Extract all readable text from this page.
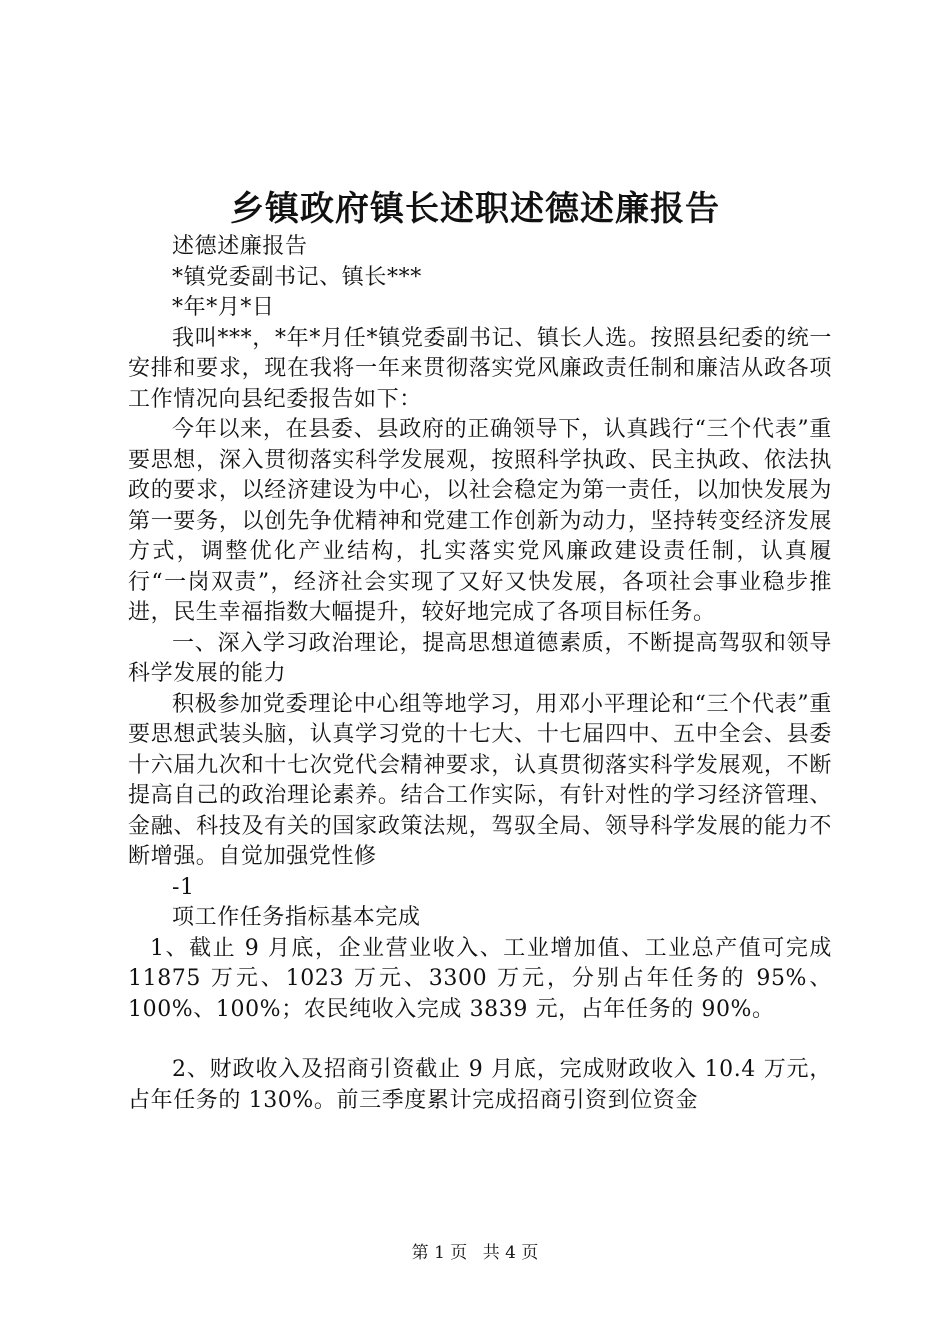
乡镇政府镇长述职述德述廉报告

述德述廉报告

*镇党委副书记、镇长***

*年*月*日

我叫***，*年*月任*镇党委副书记、镇长人选。按照县纪委的统一安排和要求，现在我将一年来贯彻落实党风廉政责任制和廉洁从政各项工作情况向县纪委报告如下：

今年以来，在县委、县政府的正确领导下，认真践行“三个代表”重要思想，深入贯彻落实科学发展观，按照科学执政、民主执政、依法执政的要求，以经济建设为中心，以社会稳定为第一责任，以加快发展为第一要务，以创先争优精神和党建工作创新为动力，坚持转变经济发展方式，调整优化产业结构，扎实落实党风廉政建设责任制，认真履行“一岗双责”，经济社会实现了又好又快发展，各项社会事业稳步推进，民生幸福指数大幅提升，较好地完成了各项目标任务。

一、深入学习政治理论，提高思想道德素质，不断提高驾驭和领导科学发展的能力

积极参加党委理论中心组等地学习，用邓小平理论和“三个代表”重要思想武装头脑，认真学习党的十七大、十七届四中、五中全会、县委十六届九次和十七次党代会精神要求，认真贯彻落实科学发展观，不断提高自己的政治理论素养。结合工作实际，有针对性的学习经济管理、金融、科技及有关的国家政策法规，驾驭全局、领导科学发展的能力不断增强。自觉加强党性修

-1

项工作任务指标基本完成

1、截止 9 月底，企业营业收入、工业增加值、工业总产值可完成 11875 万元、1023 万元、3300 万元，分别占年任务的 95%、100%、100%；农民纯收入完成 3839 元，占年任务的 90%。

2、财政收入及招商引资截止 9 月底，完成财政收入 10.4 万元，占年任务的 130%。前三季度累计完成招商引资到位资金

第 1 页 共 4 页
